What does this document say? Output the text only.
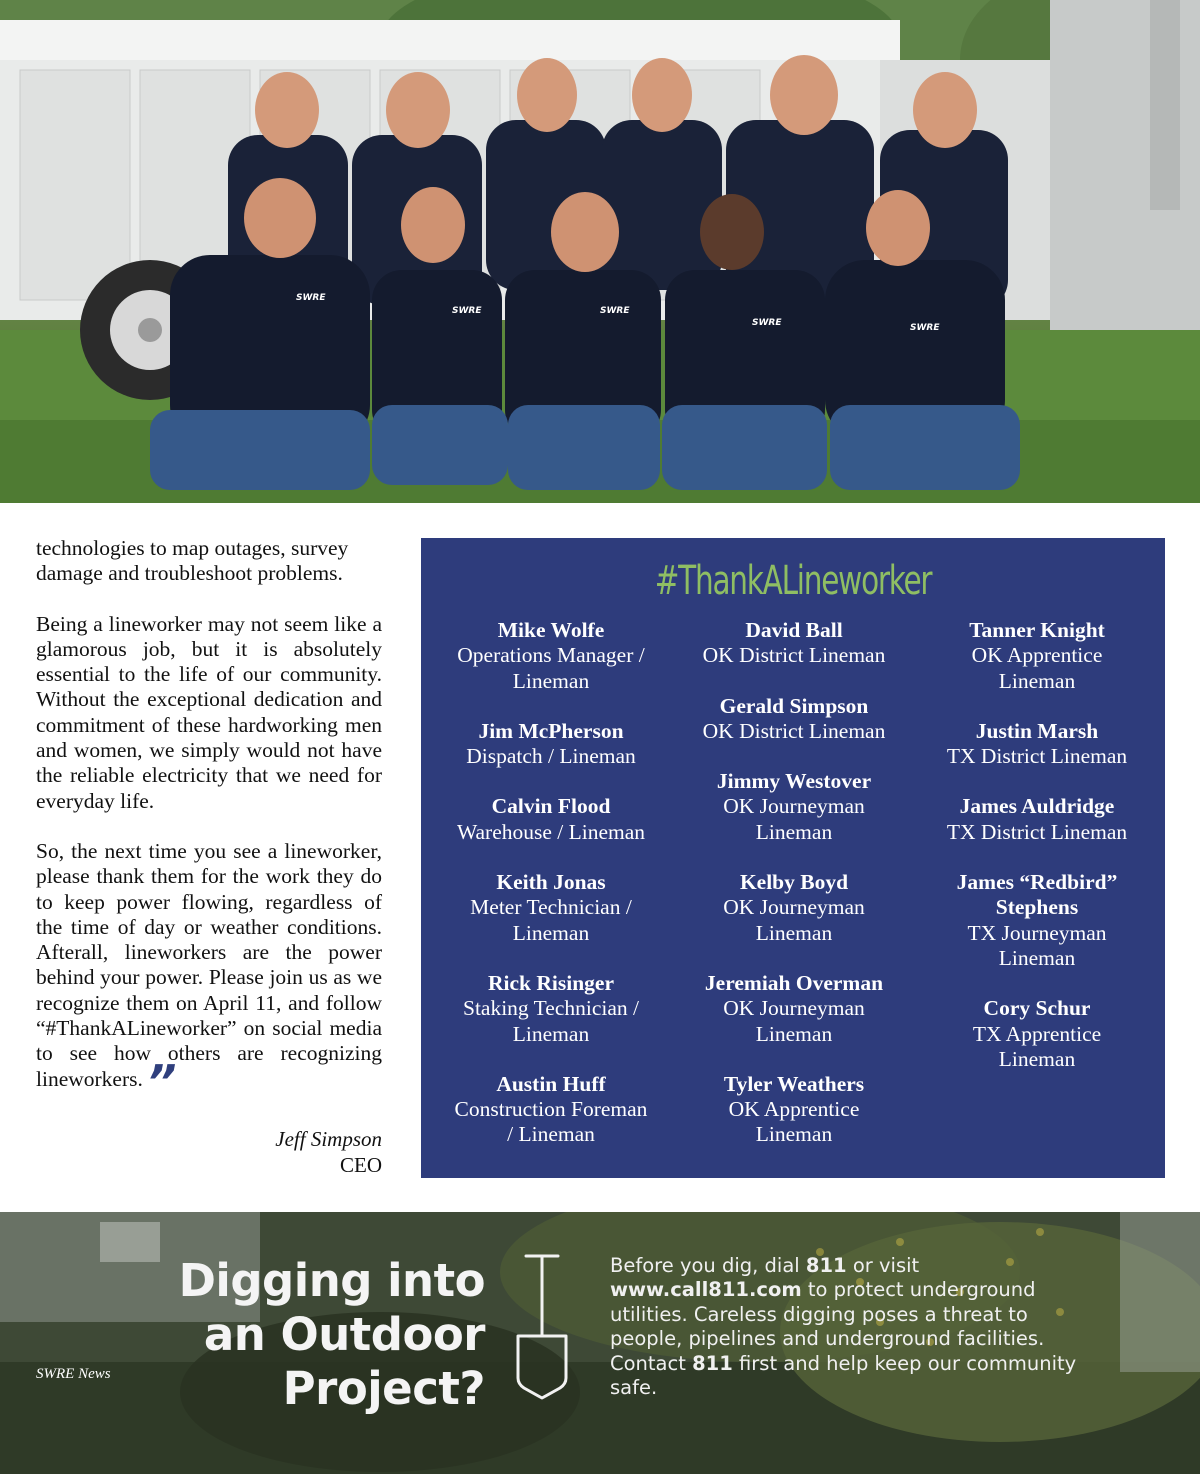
SWRE
SWRE	SWRE
SWRE	SWRE

technologies to map outages, survey damage and troubleshoot problems.

Being a lineworker may not seem like a glamorous job, but it is absolutely essential to the life of our community. Without the exceptional dedication and commitment of these hardworking men and women, we simply would not have the reliable electricity that we need for everyday life.

So, the next time you see a lineworker, please thank them for the work they do to keep power flowing, regardless of the time of day or weather conditions. Afterall, lineworkers are the power behind your power. Please join us as we recognize them on April 11, and follow “#ThankALineworker” on social media to see how others are recognizing lineworkers.”

Jeff Simpson
CEO
#ThankALineworker
Mike Wolfe
Operations Manager /
Lineman
Jim McPherson
Dispatch / Lineman
Calvin Flood
Warehouse / Lineman
Keith Jonas
Meter Technician /
Lineman
Rick Risinger
Staking Technician /
Lineman
Austin Huff
Construction Foreman
/ Lineman
David Ball
OK District Lineman
Gerald Simpson
OK District Lineman
Jimmy Westover
OK Journeyman
Lineman
Kelby Boyd
OK Journeyman
Lineman
Jeremiah Overman
OK Journeyman
Lineman
Tyler Weathers
OK Apprentice
Lineman
Tanner Knight
OK Apprentice
Lineman
Justin Marsh
TX District Lineman
James Auldridge
TX District Lineman
James “Redbird” Stephens
TX Journeyman
Lineman
Cory Schur
TX Apprentice
Lineman
Digging into
an Outdoor
Project?
Before you dig, dial 811 or visit
www.call811.com to protect underground utilities. Careless digging poses a threat to people, pipelines and underground facilities. Contact 811 first and help keep our community safe.
SWRE News
